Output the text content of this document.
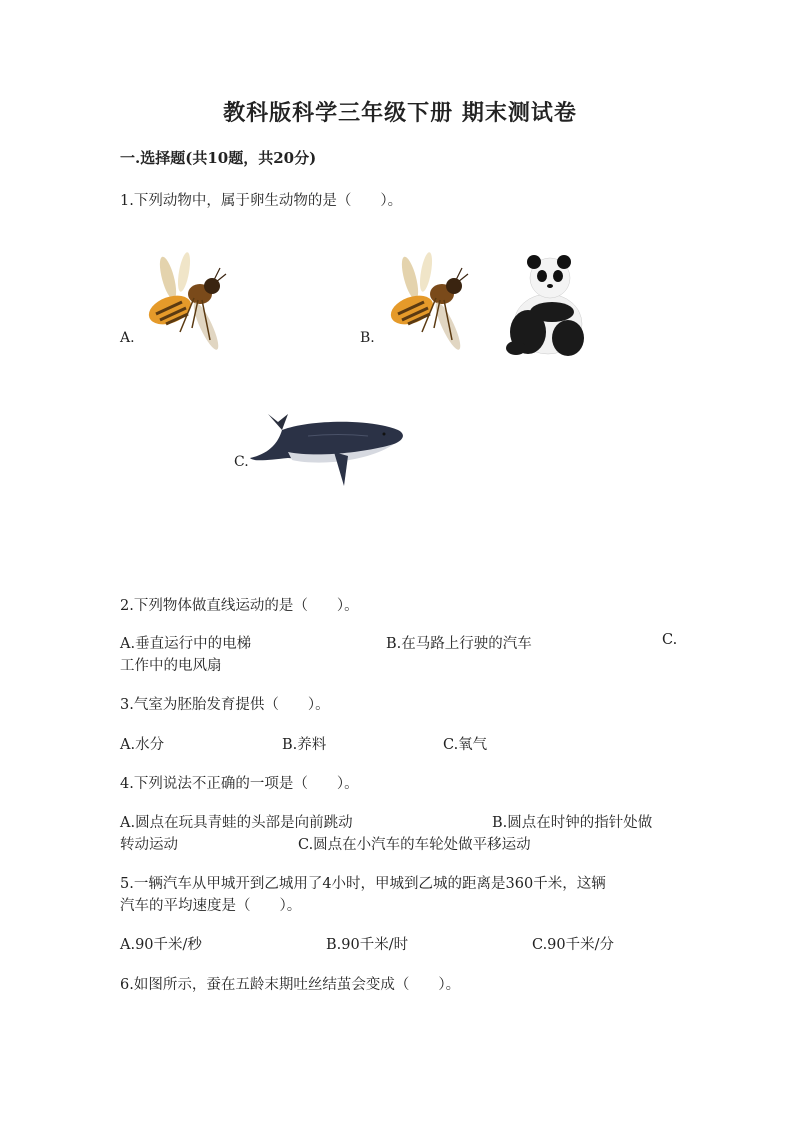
教科版科学三年级下册 期末测试卷
一.选择题(共10题，共20分)
1.下列动物中，属于卵生动物的是（　　）。
A.	B.
C.
2.下列物体做直线运动的是（　　）。
A.垂直运行中的电梯	B.在马路上行驶的汽车	C.
工作中的电风扇
3.气室为胚胎发育提供（　　）。
A.水分	B.养料	C.氧气
4.下列说法不正确的一项是（　　）。
A.圆点在玩具青蛙的头部是向前跳动	B.圆点在时钟的指针处做
转动运动	C.圆点在小汽车的车轮处做平移运动
5.一辆汽车从甲城开到乙城用了4小时，甲城到乙城的距离是360千米，这辆
汽车的平均速度是（　　）。
A.90千米/秒	B.90千米/时	C.90千米/分
6.如图所示，蚕在五龄末期吐丝结茧会变成（　　）。
